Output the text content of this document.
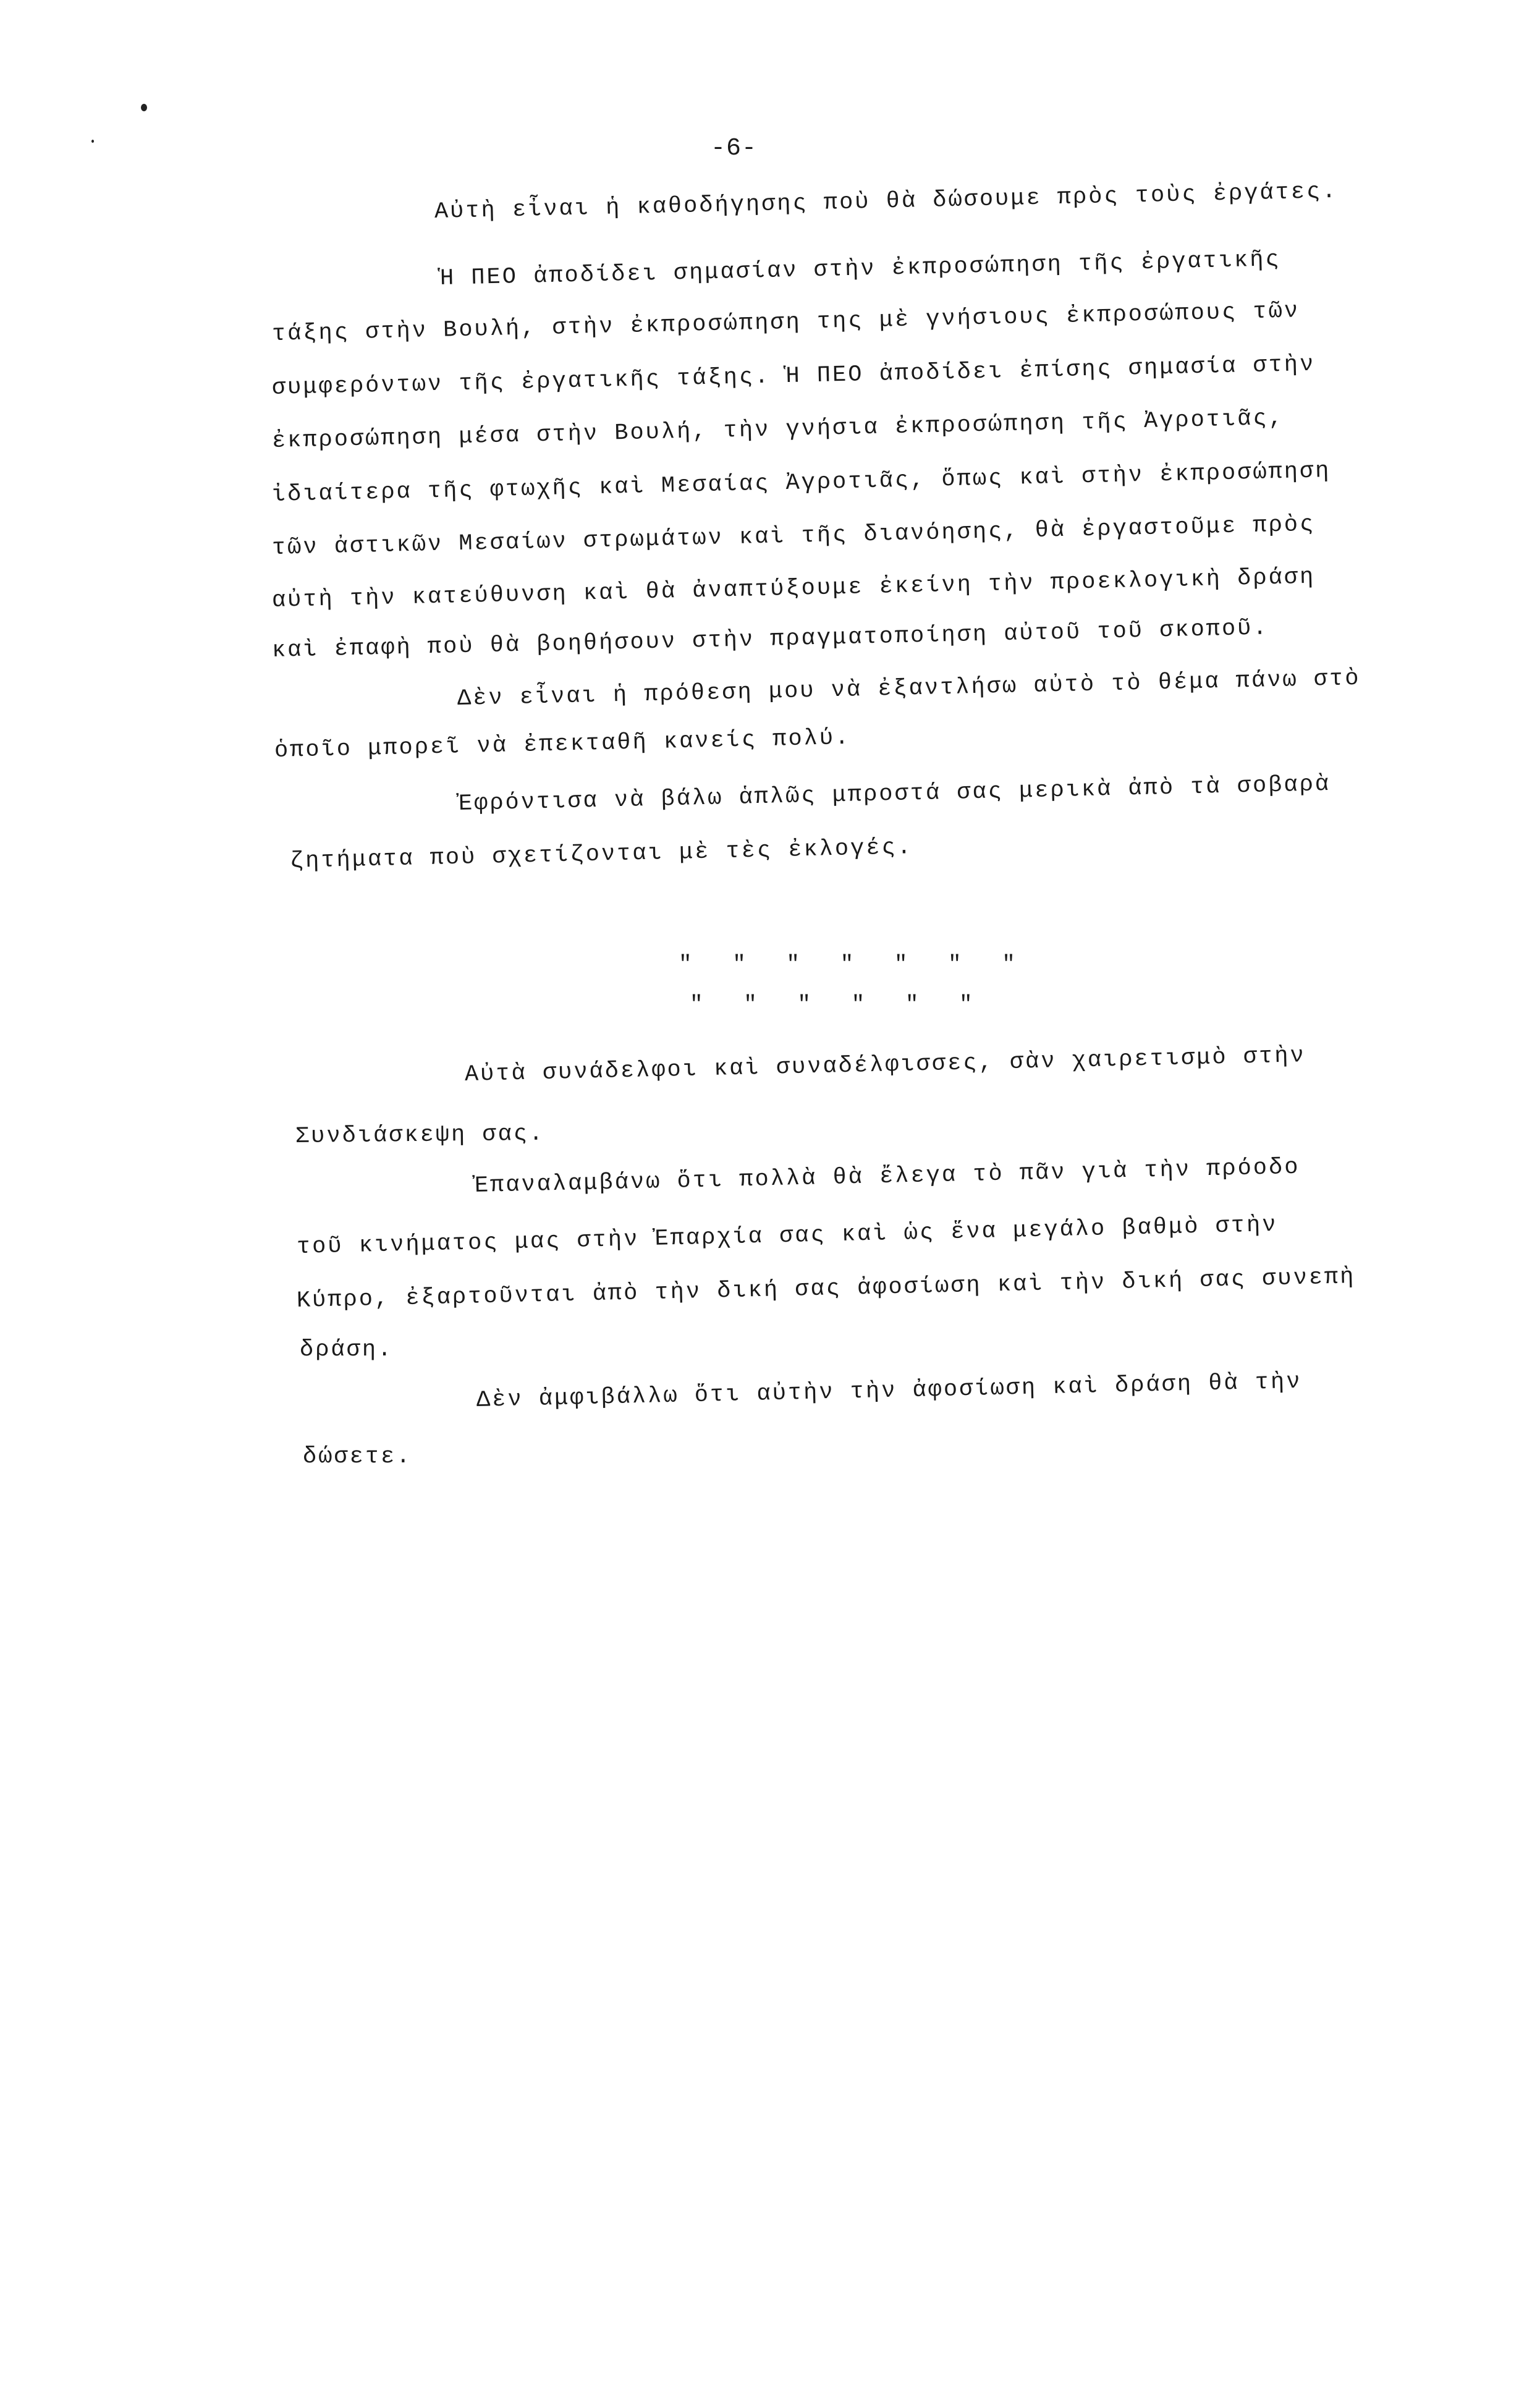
-6-
Αὐτὴ εἶναι ἡ καθοδήγησης ποὺ θὰ δώσουμε πρὸς τοὺς ἐργάτες.
Ἡ ΠΕΟ ἀποδίδει σημασίαν στὴν ἐκπροσώπηση τῆς ἐργατικῆς
τάξης στὴν Βουλή, στὴν ἐκπροσώπηση της μὲ γνήσιους ἐκπροσώπους τῶν
συμφερόντων τῆς ἐργατικῆς τάξης. Ἡ ΠΕΟ ἀποδίδει ἐπίσης σημασία στὴν
ἐκπροσώπηση μέσα στὴν Βουλή, τὴν γνήσια ἐκπροσώπηση τῆς Ἀγροτιᾶς,
ἰδιαίτερα τῆς φτωχῆς καὶ Μεσαίας Ἀγροτιᾶς, ὅπως καὶ στὴν ἐκπροσώπηση
τῶν ἀστικῶν Μεσαίων στρωμάτων καὶ τῆς διανόησης, θὰ ἐργαστοῦμε πρὸς
αὐτὴ τὴν κατεύθυνση καὶ θὰ ἀναπτύξουμε ἐκείνη τὴν προεκλογικὴ δράση
καὶ ἐπαφὴ ποὺ θὰ βοηθήσουν στὴν πραγματοποίηση αὐτοῦ τοῦ σκοποῦ.
Δὲν εἶναι ἡ πρόθεση μου νὰ ἐξαντλήσω αὐτὸ τὸ θέμα πάνω στὸ
ὁποῖο μπορεῖ νὰ ἐπεκταθῆ κανείς πολύ.
Ἐφρόντισα νὰ βάλω ἁπλῶς μπροστά σας μερικὰ ἀπὸ τὰ σοβαρὰ
ζητήματα ποὺ σχετίζονται μὲ τὲς ἐκλογές.
" " " " " " "
" " " " " "
Αὐτὰ συνάδελφοι καὶ συναδέλφισσες, σὰν χαιρετισμὸ στὴν
Συνδιάσκεψη σας.
Ἐπαναλαμβάνω ὅτι πολλὰ θὰ ἔλεγα τὸ πᾶν γιὰ τὴν πρόοδο
τοῦ κινήματος μας στὴν Ἐπαρχία σας καὶ ὡς ἕνα μεγάλο βαθμὸ στὴν
Κύπρο, ἐξαρτοῦνται ἀπὸ τὴν δική σας ἀφοσίωση καὶ τὴν δική σας συνεπὴ
δράση.
Δὲν ἀμφιβάλλω ὅτι αὐτὴν τὴν ἀφοσίωση καὶ δράση θὰ τὴν
δώσετε.
